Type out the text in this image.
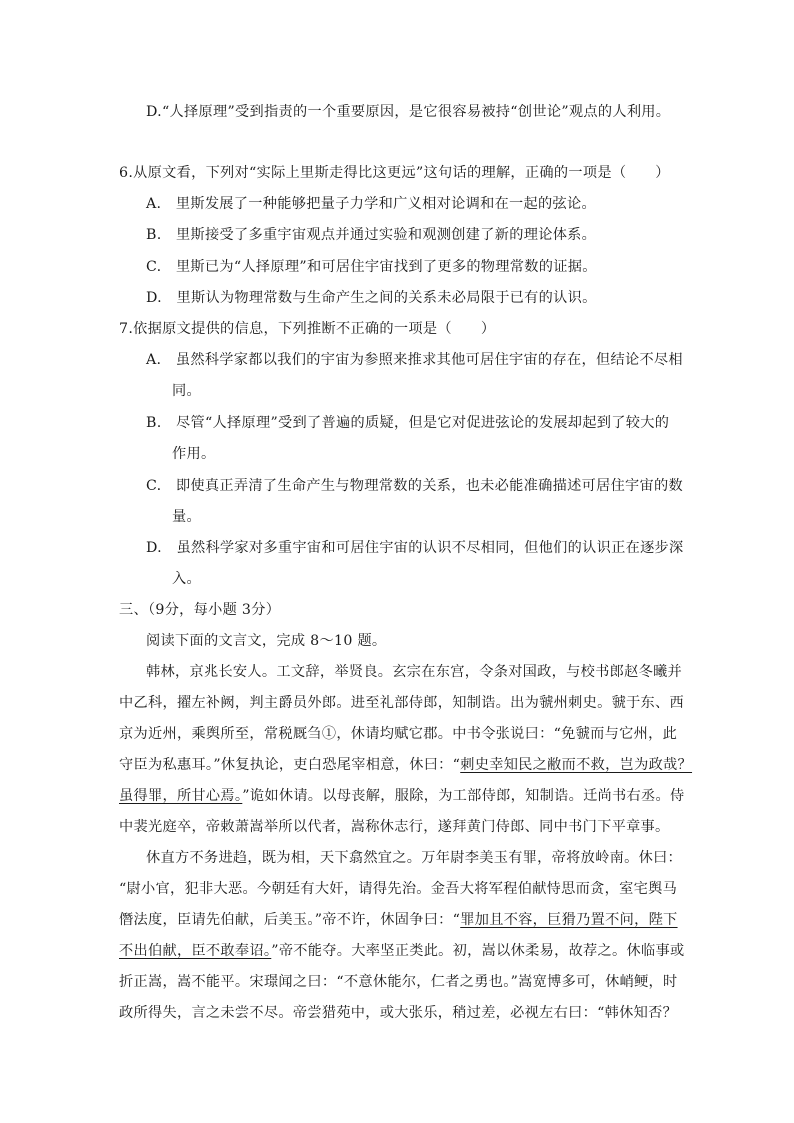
D.“人择原理”受到指责的一个重要原因，是它很容易被持“创世论”观点的人利用。
6.从原文看，下列对“实际上里斯走得比这更远”这句话的理解，正确的一项是（　　）
A.　里斯发展了一种能够把量子力学和广义相对论调和在一起的弦论。
B.　里斯接受了多重宇宙观点并通过实验和观测创建了新的理论体系。
C.　里斯已为“人择原理”和可居住宇宙找到了更多的物理常数的证据。
D.　里斯认为物理常数与生命产生之间的关系未必局限于已有的认识。
7.依据原文提供的信息，下列推断不正确的一项是（　　）
A.　虽然科学家都以我们的宇宙为参照来推求其他可居住宇宙的存在，但结论不尽相
同。
B.　尽管“人择原理”受到了普遍的质疑，但是它对促进弦论的发展却起到了较大的
作用。
C.　即使真正弄清了生命产生与物理常数的关系，也未必能准确描述可居住宇宙的数
量。
D.　虽然科学家对多重宇宙和可居住宇宙的认识不尽相同，但他们的认识正在逐步深
入。
三、（9分，每小题 3分）
阅读下面的文言文，完成 8～10 题。
韩林，京兆长安人。工文辞，举贤良。玄宗在东宫，令条对国政，与校书郎赵冬曦并
中乙科，擢左补阙，判主爵员外郎。进至礼部侍郎，知制诰。出为虢州刺史。虢于东、西
京为近州，乘舆所至，常税厩刍①，休请均赋它郡。中书令张说曰：“免虢而与它州，此
守臣为私惠耳。”休复执论，吏白恐尾宰相意，休曰：“刺史幸知民之敝而不救，岂为政哉？
虽得罪，所甘心焉。”诡如休请。以母丧解，服除，为工部侍郎，知制诰。迁尚书右丞。侍
中裴光庭卒，帝敕萧嵩举所以代者，嵩称休志行，遂拜黄门侍郎、同中书门下平章事。
休直方不务进趋，既为相，天下翕然宜之。万年尉李美玉有罪，帝将放岭南。休曰：
“尉小官，犯非大恶。今朝廷有大奸，请得先治。金吾大将军程伯献恃思而贪，室宅舆马
僭法度，臣请先伯献，后美玉。”帝不许，休固争曰：“罪加且不容，巨猾乃置不问，陛下
不出伯献，臣不敢奉诏。”帝不能夺。大率坚正类此。初，嵩以休柔易，故荐之。休临事或
折正嵩，嵩不能平。宋璟闻之曰：“不意休能尔，仁者之勇也。”嵩宽博多可，休峭鲠，时
政所得失，言之未尝不尽。帝尝猎苑中，或大张乐，稍过差，必视左右曰：“韩休知否？
